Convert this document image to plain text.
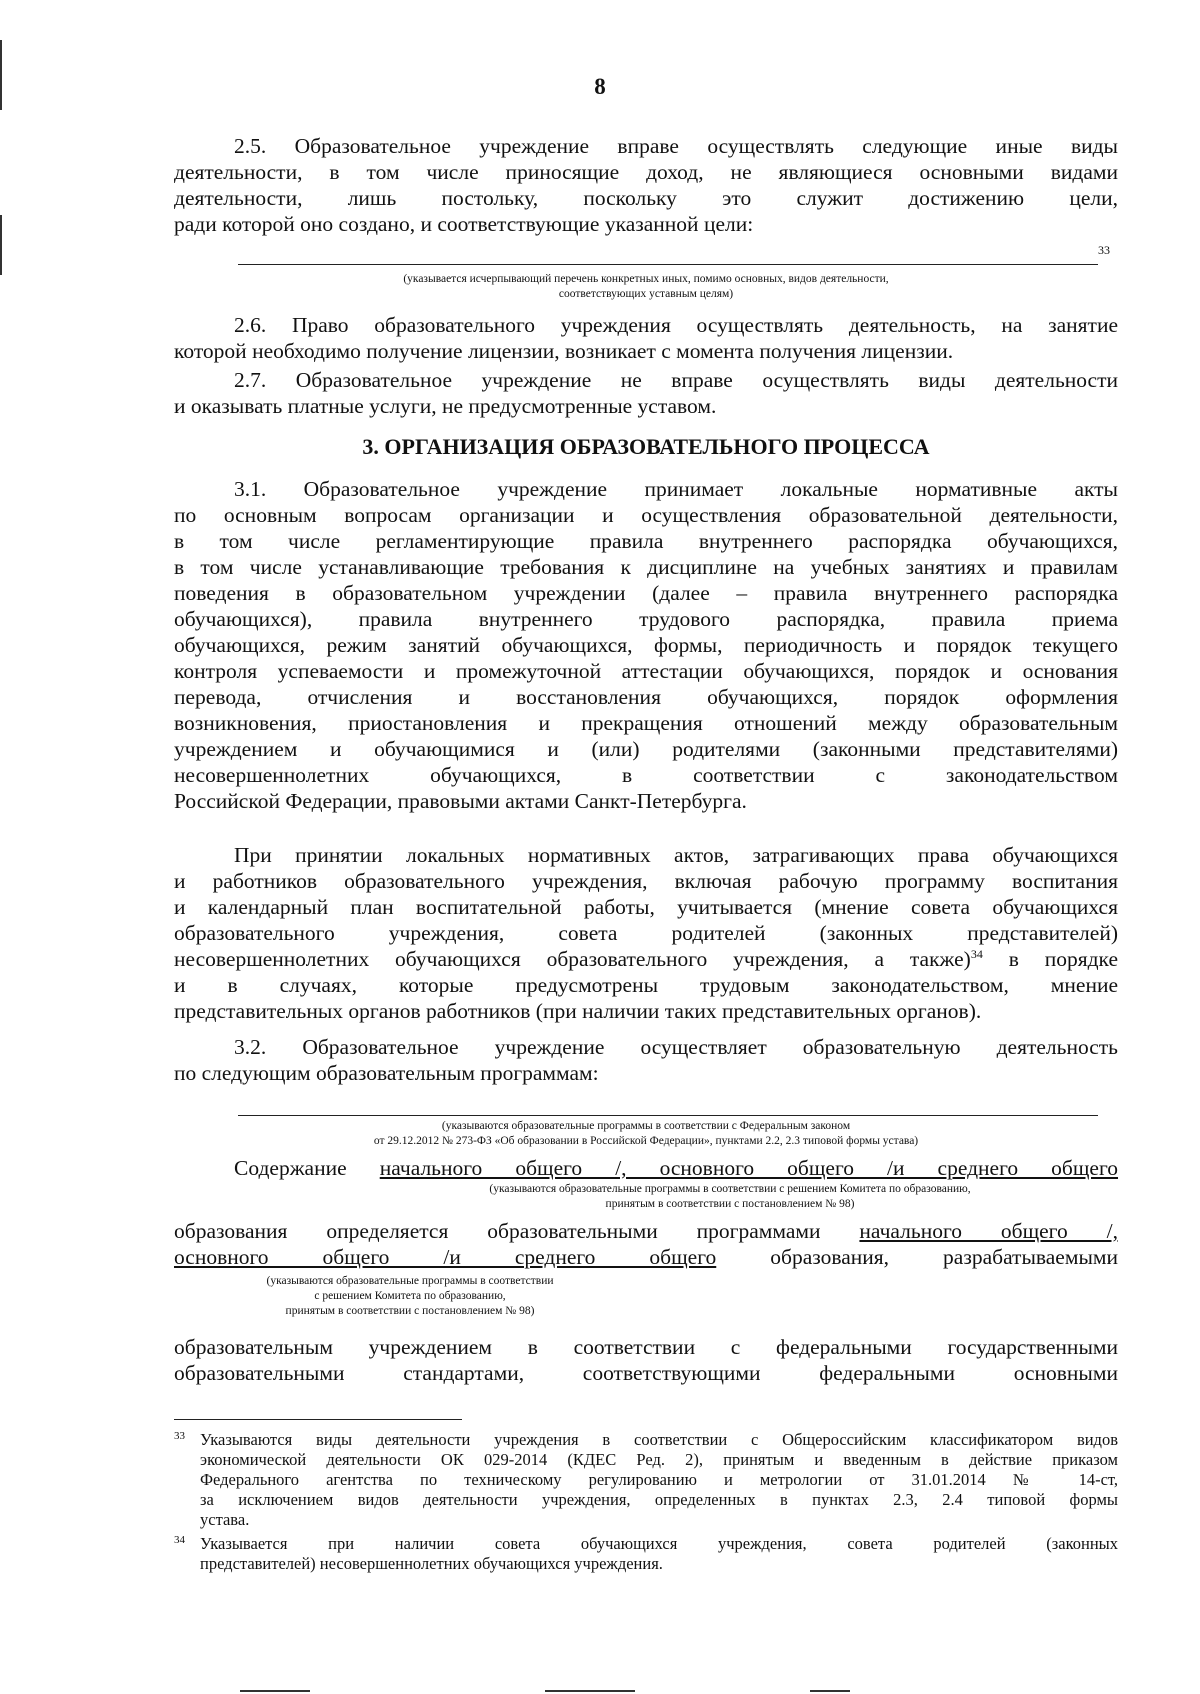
8
2.5. Образовательное учреждение вправе осуществлять следующие иные виды
деятельности, в том числе приносящие доход, не являющиеся основными видами
деятельности, лишь постольку, поскольку это служит достижению цели,
ради которой оно создано, и соответствующие указанной цели:
33
(указывается исчерпывающий перечень конкретных иных, помимо основных, видов деятельности,
соответствующих уставным целям)
2.6. Право образовательного учреждения осуществлять деятельность, на занятие
которой необходимо получение лицензии, возникает с момента получения лицензии.
2.7. Образовательное учреждение не вправе осуществлять виды деятельности
и оказывать платные услуги, не предусмотренные уставом.
3. ОРГАНИЗАЦИЯ ОБРАЗОВАТЕЛЬНОГО ПРОЦЕССА
3.1. Образовательное учреждение принимает локальные нормативные акты
по основным вопросам организации и осуществления образовательной деятельности,
в том числе регламентирующие правила внутреннего распорядка обучающихся,
в том числе устанавливающие требования к дисциплине на учебных занятиях и правилам
поведения в образовательном учреждении (далее – правила внутреннего распорядка
обучающихся), правила внутреннего трудового распорядка, правила приема
обучающихся, режим занятий обучающихся, формы, периодичность и порядок текущего
контроля успеваемости и промежуточной аттестации обучающихся, порядок и основания
перевода, отчисления и восстановления обучающихся, порядок оформления
возникновения, приостановления и прекращения отношений между образовательным
учреждением и обучающимися и (или) родителями (законными представителями)
несовершеннолетних обучающихся, в соответствии с законодательством
Российской Федерации, правовыми актами Санкт-Петербурга.
При принятии локальных нормативных актов, затрагивающих права обучающихся
и работников образовательного учреждения, включая рабочую программу воспитания
и календарный план воспитательной работы, учитывается (мнение совета обучающихся
образовательного учреждения, совета родителей (законных представителей)
несовершеннолетних обучающихся образовательного учреждения, а также)$^{34}$ в порядке
и в случаях, которые предусмотрены трудовым законодательством, мнение
представительных органов работников (при наличии таких представительных органов).
3.2. Образовательное учреждение осуществляет образовательную деятельность
по следующим образовательным программам:
(указываются образовательные программы в соответствии с Федеральным законом
от 29.12.2012 № 273-ФЗ «Об образовании в Российской Федерации», пунктами 2.2, 2.3 типовой формы устава)
Содержание начального общего /, основного общего /и среднего общего
(указываются образовательные программы в соответствии с решением Комитета по образованию,
принятым в соответствии с постановлением № 98)
образования определяется образовательными программами начального общего /,
основного общего /и среднего общего	образования, разрабатываемыми
(указываются образовательные программы в соответствии
с решением Комитета по образованию,
принятым в соответствии с постановлением № 98)
образовательным учреждением в соответствии с федеральными государственными
образовательными стандартами, соответствующими федеральными основными
33 Указываются виды деятельности учреждения в соответствии с Общероссийским классификатором видов
экономической деятельности ОК 029-2014 (КДЕС Ред. 2), принятым и введенным в действие приказом
Федерального агентства по техническому регулированию и метрологии от 31.01.2014 № 14-ст,
за исключением видов деятельности учреждения, определенных в пунктах 2.3, 2.4 типовой формы
устава.
34 Указывается при наличии совета обучающихся учреждения, совета родителей (законных
представителей) несовершеннолетних обучающихся учреждения.
